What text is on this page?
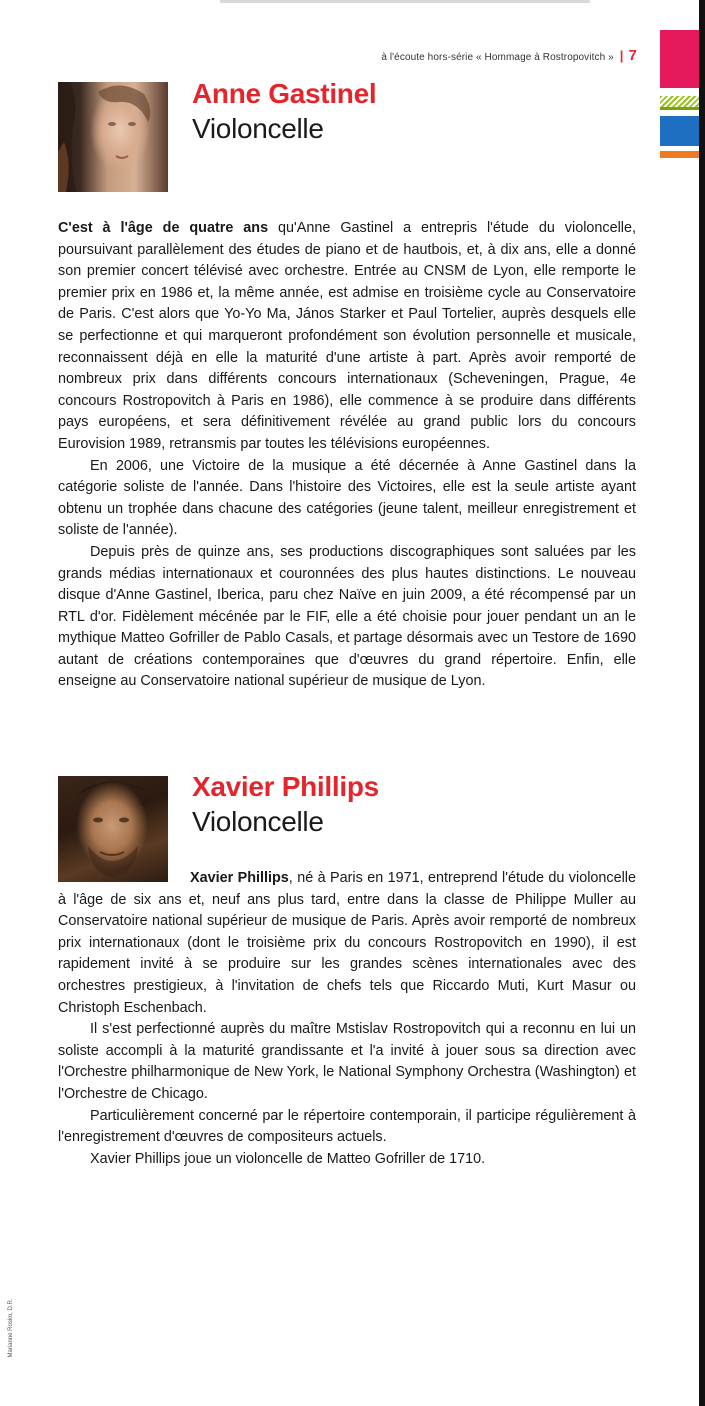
à l'écoute hors-série « Hommage à Rostropovitch » | 7
Anne Gastinel
Violoncelle

C'est à l'âge de quatre ans qu'Anne Gastinel a entrepris l'étude du violoncelle, poursuivant parallèlement des études de piano et de hautbois, et, à dix ans, elle a donné son premier concert télévisé avec orchestre. Entrée au CNSM de Lyon, elle remporte le premier prix en 1986 et, la même année, est admise en troisième cycle au Conservatoire de Paris. C'est alors que Yo-Yo Ma, János Starker et Paul Tortelier, auprès desquels elle se perfectionne et qui marqueront profondément son évolution personnelle et musicale, reconnaissent déjà en elle la maturité d'une artiste à part. Après avoir remporté de nombreux prix dans différents concours internationaux (Scheveningen, Prague, 4e concours Rostropovitch à Paris en 1986), elle commence à se produire dans différents pays européens, et sera définitivement révélée au grand public lors du concours Eurovision 1989, retransmis par toutes les télévisions européennes.

En 2006, une Victoire de la musique a été décernée à Anne Gastinel dans la catégorie soliste de l'année. Dans l'histoire des Victoires, elle est la seule artiste ayant obtenu un trophée dans chacune des catégories (jeune talent, meilleur enregistrement et soliste de l'année).

Depuis près de quinze ans, ses productions discographiques sont saluées par les grands médias internationaux et couronnées des plus hautes distinctions. Le nouveau disque d'Anne Gastinel, Iberica, paru chez Naïve en juin 2009, a été récompensé par un RTL d'or. Fidèlement mécénée par le FIF, elle a été choisie pour jouer pendant un an le mythique Matteo Gofriller de Pablo Casals, et partage désormais avec un Testore de 1690 autant de créations contemporaines que d'œuvres du grand répertoire. Enfin, elle enseigne au Conservatoire national supérieur de musique de Lyon.

Xavier Phillips
Violoncelle

Xavier Phillips, né à Paris en 1971, entreprend l'étude du violoncelle à l'âge de six ans et, neuf ans plus tard, entre dans la classe de Philippe Muller au Conservatoire national supérieur de musique de Paris. Après avoir remporté de nombreux prix internationaux (dont le troisième prix du concours Rostropovitch en 1990), il est rapidement invité à se produire sur les grandes scènes internationales avec des orchestres prestigieux, à l'invitation de chefs tels que Riccardo Muti, Kurt Masur ou Christoph Eschenbach.

Il s'est perfectionné auprès du maître Mstislav Rostropovitch qui a reconnu en lui un soliste accompli à la maturité grandissante et l'a invité à jouer sous sa direction avec l'Orchestre philharmonique de New York, le National Symphony Orchestra (Washington) et l'Orchestre de Chicago.

Particulièrement concerné par le répertoire contemporain, il participe régulièrement à l'enregistrement d'œuvres de compositeurs actuels.

Xavier Phillips joue un violoncelle de Matteo Gofriller de 1710.

Marianne Rosko, D.R.
